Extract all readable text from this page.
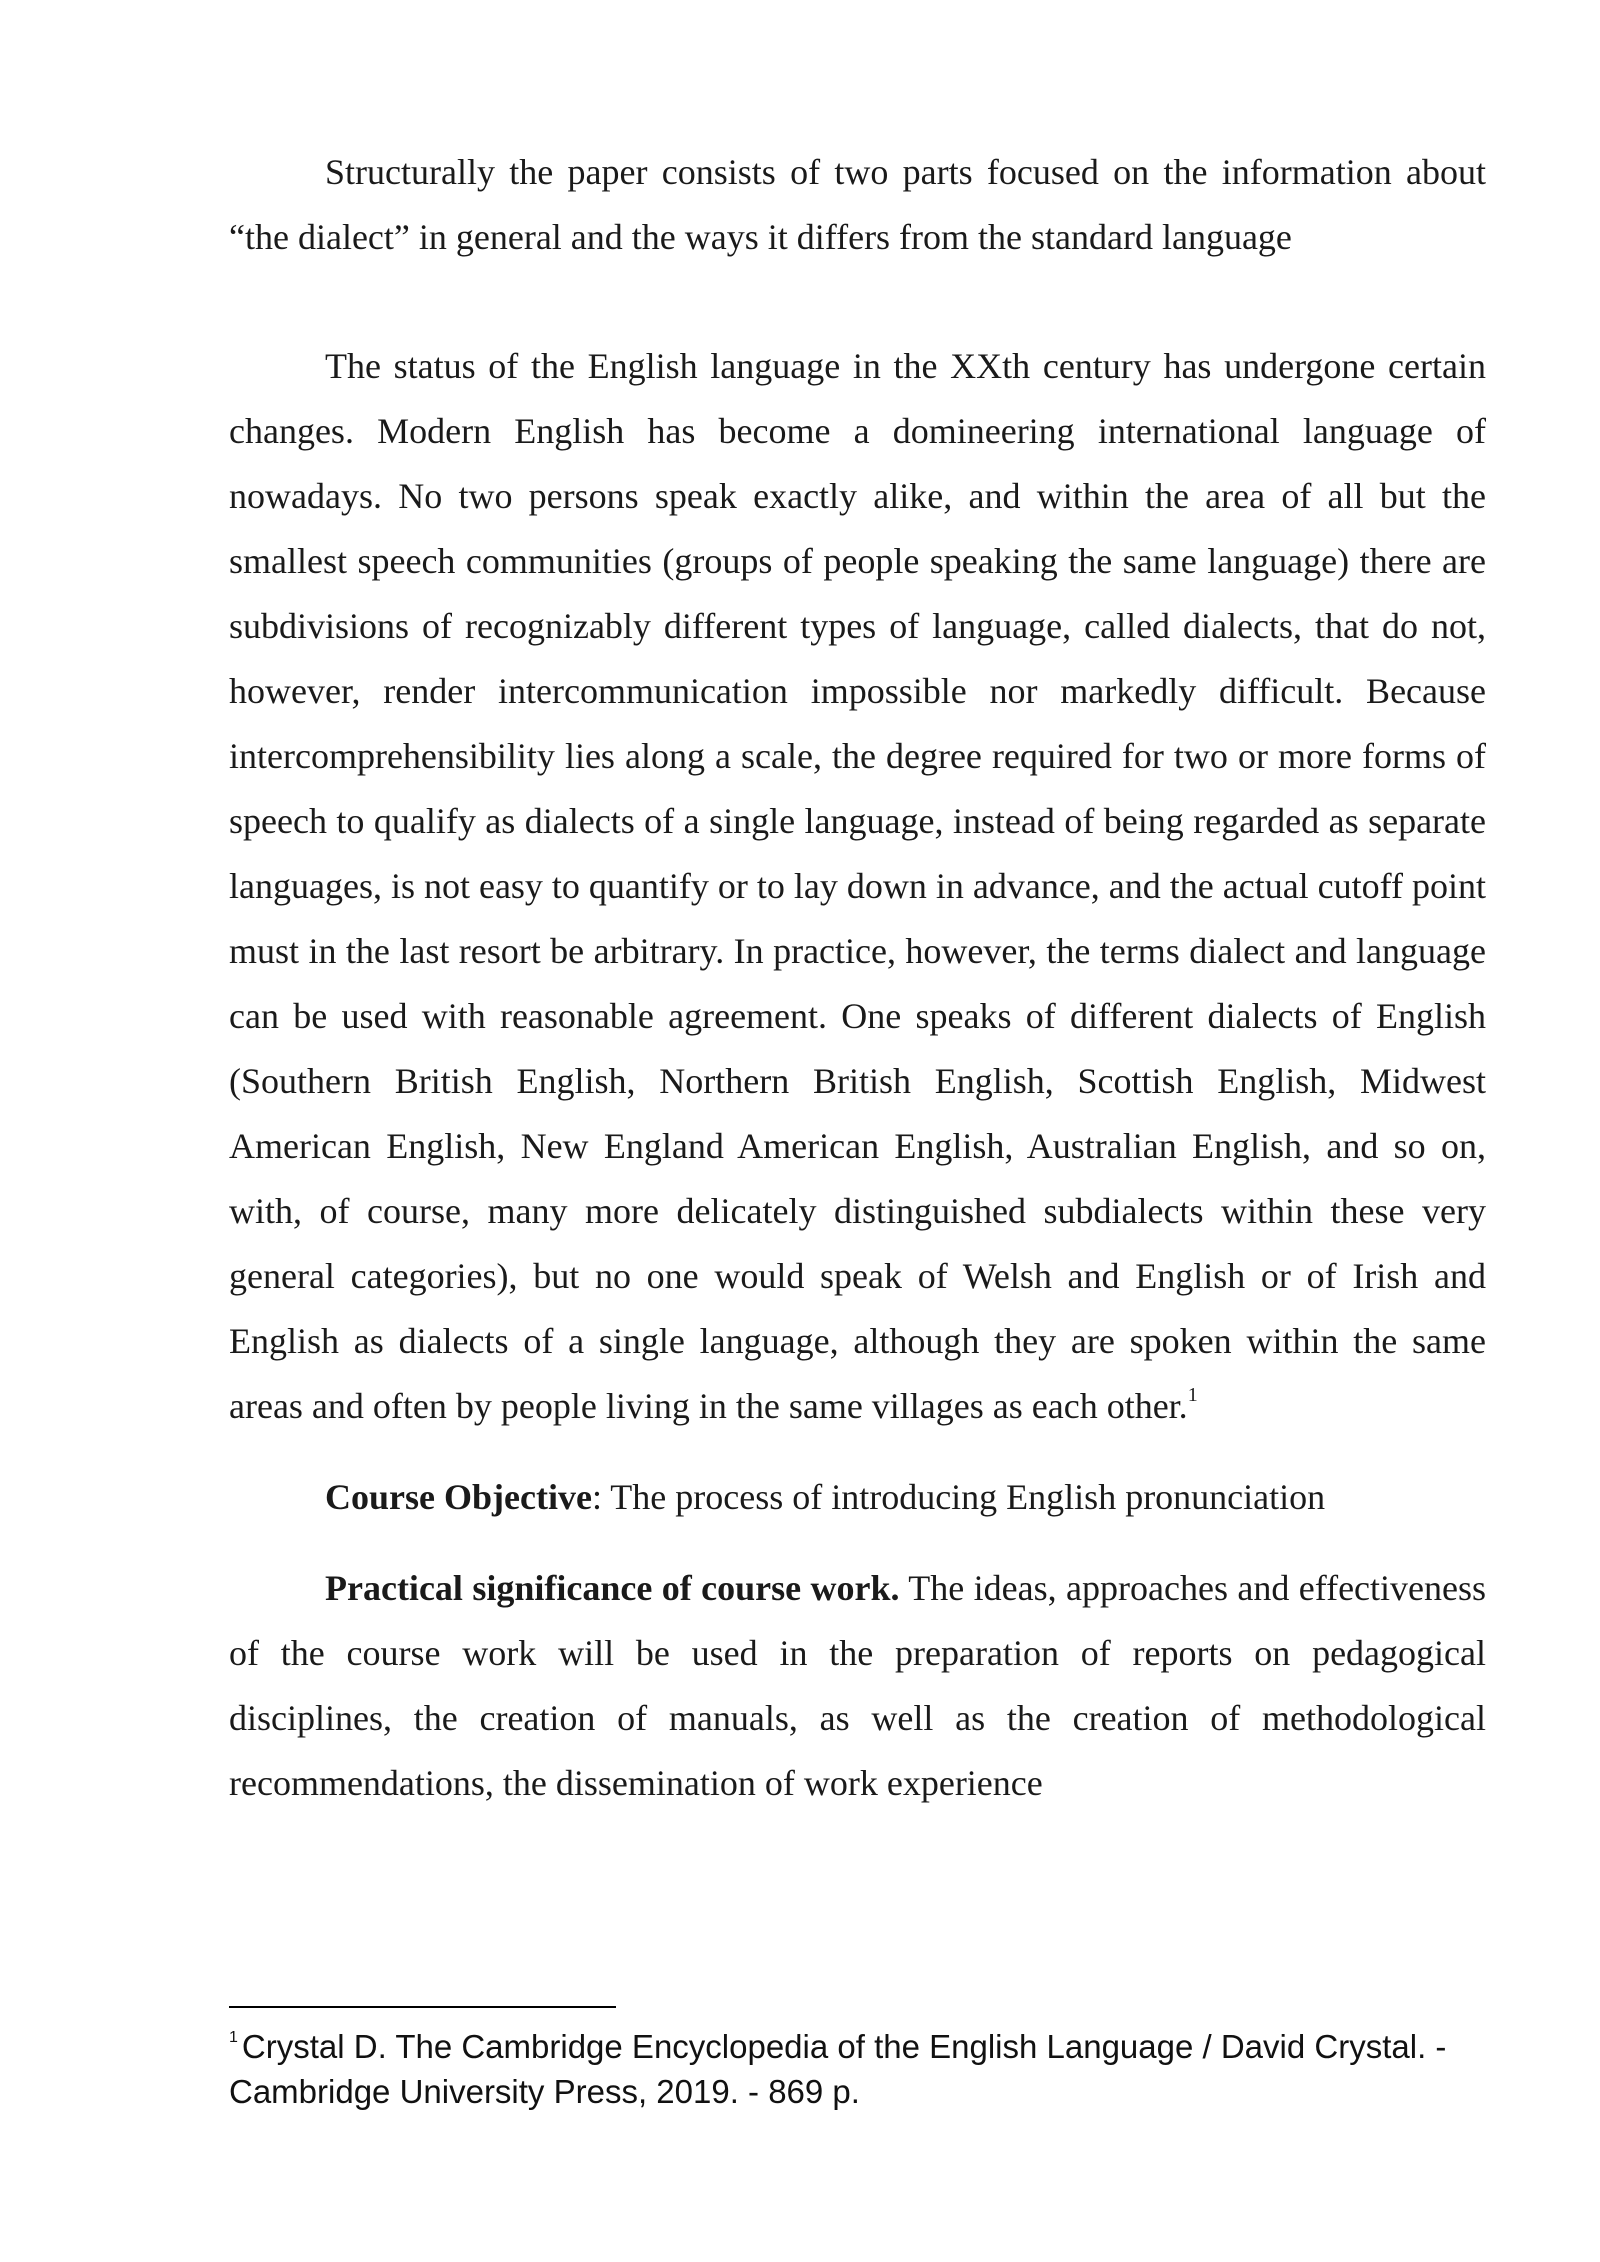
Structurally the paper consists of two parts focused on the information about “the dialect” in general and the ways it differs from the standard language

The status of the English language in the XXth century has undergone certain changes. Modern English has become a domineering international language of nowadays. No two persons speak exactly alike, and within the area of all but the smallest speech communities (groups of people speaking the same language) there are subdivisions of recognizably different types of language, called dialects, that do not, however, render intercommunication impossible nor markedly difficult. Because intercomprehensibility lies along a scale, the degree required for two or more forms of speech to qualify as dialects of a single language, instead of being regarded as separate languages, is not easy to quantify or to lay down in advance, and the actual cutoff point must in the last resort be arbitrary. In practice, however, the terms dialect and language can be used with reasonable agreement. One speaks of different dialects of English (Southern British English, Northern British English, Scottish English, Midwest American English, New England American English, Australian English, and so on, with, of course, many more delicately distinguished subdialects within these very general categories), but no one would speak of Welsh and English or of Irish and English as dialects of a single language, although they are spoken within the same areas and often by people living in the same villages as each other.$^1$

Course Objective: The process of introducing English pronunciation

Practical significance of course work. The ideas, approaches and effectiveness of the course work will be used in the preparation of reports on pedagogical disciplines, the creation of manuals, as well as the creation of methodological recommendations, the dissemination of work experience

$^1$ Crystal D. The Cambridge Encyclopedia of the English Language / David Crystal. - Cambridge University Press, 2019. - 869 p.
